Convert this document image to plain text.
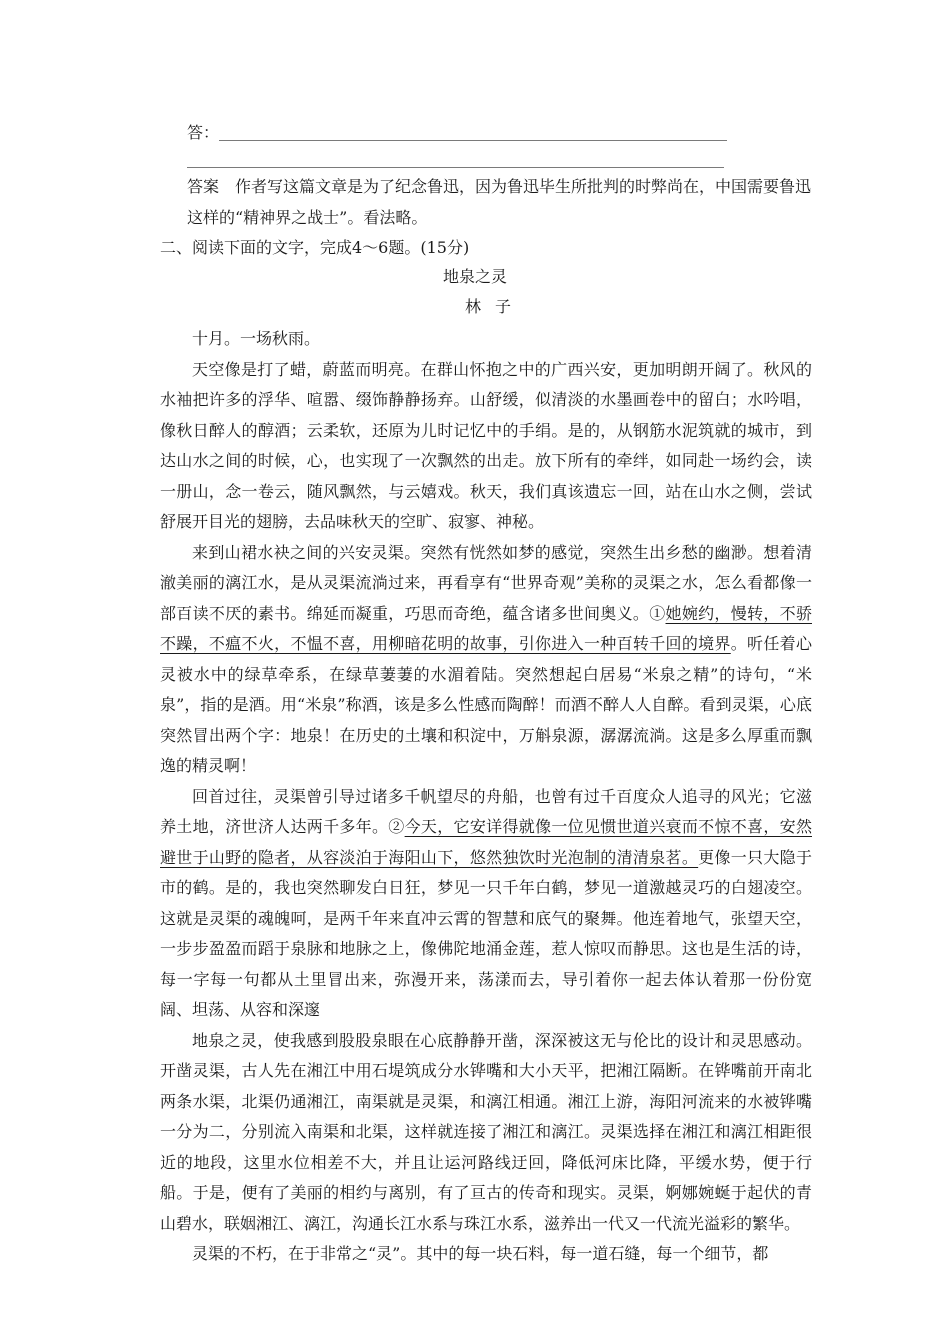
答：

答案　作者写这篇文章是为了纪念鲁迅，因为鲁迅毕生所批判的时弊尚在，中国需要鲁迅这样的“精神界之战士”。看法略。

二、阅读下面的文字，完成4～6题。(15分)

地泉之灵
林子

十月。一场秋雨。

天空像是打了蜡，蔚蓝而明亮。在群山怀抱之中的广西兴安，更加明朗开阔了。秋风的水袖把许多的浮华、喧嚣、缀饰静静扬弃。山舒缓，似清淡的水墨画卷中的留白；水吟唱，像秋日醉人的醇酒；云柔软，还原为儿时记忆中的手绢。是的，从钢筋水泥筑就的城市，到达山水之间的时候，心，也实现了一次飘然的出走。放下所有的牵绊，如同赴一场约会，读一册山，念一卷云，随风飘然，与云嬉戏。秋天，我们真该遗忘一回，站在山水之侧，尝试舒展开目光的翅膀，去品味秋天的空旷、寂寥、神秘。

来到山裙水袂之间的兴安灵渠。突然有恍然如梦的感觉，突然生出乡愁的幽渺。想着清澈美丽的漓江水，是从灵渠流淌过来，再看享有“世界奇观”美称的灵渠之水，怎么看都像一部百读不厌的素书。绵延而凝重，巧思而奇绝，蕴含诸多世间奥义。①她婉约，慢转，不骄不躁，不瘟不火，不愠不喜，用柳暗花明的故事，引你进入一种百转千回的境界。听任着心灵被水中的绿草牵系，在绿草萋萋的水湄着陆。突然想起白居易“米泉之精”的诗句，“米泉”，指的是酒。用“米泉”称酒，该是多么性感而陶醉！而酒不醉人人自醉。看到灵渠，心底突然冒出两个字：地泉！在历史的土壤和积淀中，万斛泉源，潺潺流淌。这是多么厚重而飘逸的精灵啊！

回首过往，灵渠曾引导过诸多千帆望尽的舟船，也曾有过千百度众人追寻的风光；它滋养土地，济世济人达两千多年。②今天，它安详得就像一位见惯世道兴衰而不惊不喜，安然避世于山野的隐者，从容淡泊于海阳山下，悠然独饮时光泡制的清清泉茗。更像一只大隐于市的鹤。是的，我也突然聊发白日狂，梦见一只千年白鹤，梦见一道激越灵巧的白翅凌空。这就是灵渠的魂魄呵，是两千年来直冲云霄的智慧和底气的聚舞。他连着地气，张望天空，一步步盈盈而蹈于泉脉和地脉之上，像佛陀地涌金莲，惹人惊叹而静思。这也是生活的诗，每一字每一句都从土里冒出来，弥漫开来，荡漾而去，导引着你一起去体认着那一份份宽阔、坦荡、从容和深邃

地泉之灵，使我感到股股泉眼在心底静静开凿，深深被这无与伦比的设计和灵思感动。开凿灵渠，古人先在湘江中用石堤筑成分水铧嘴和大小天平，把湘江隔断。在铧嘴前开南北两条水渠，北渠仍通湘江，南渠就是灵渠，和漓江相通。湘江上游，海阳河流来的水被铧嘴一分为二，分别流入南渠和北渠，这样就连接了湘江和漓江。灵渠选择在湘江和漓江相距很近的地段，这里水位相差不大，并且让运河路线迂回，降低河床比降，平缓水势，便于行船。于是，便有了美丽的相约与离别，有了亘古的传奇和现实。灵渠，婀娜婉蜒于起伏的青山碧水，联姻湘江、漓江，沟通长江水系与珠江水系，滋养出一代又一代流光溢彩的繁华。

灵渠的不朽，在于非常之“灵”。其中的每一块石料，每一道石缝，每一个细节，都
